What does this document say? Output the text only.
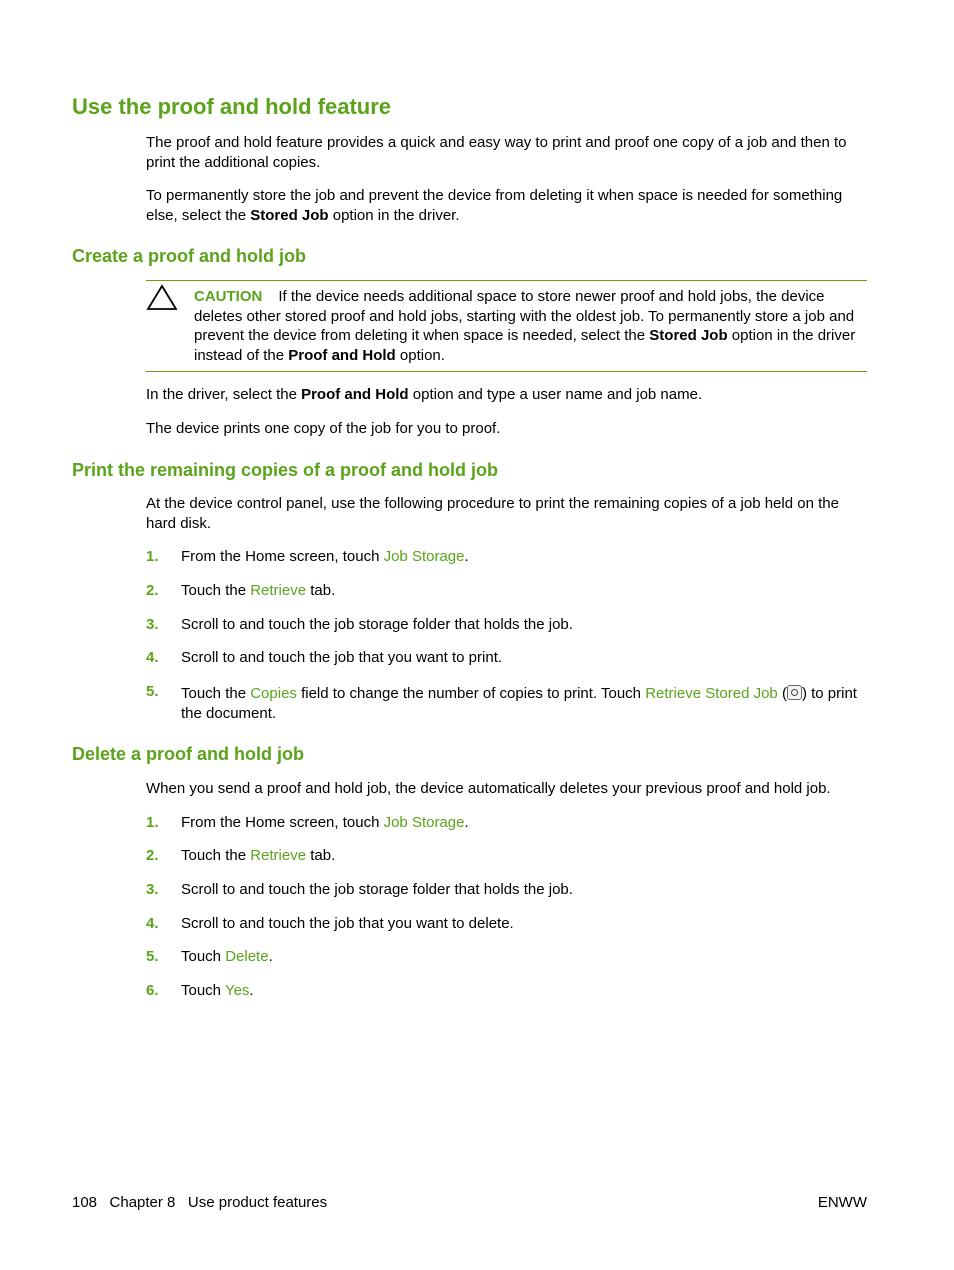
Use the proof and hold feature

The proof and hold feature provides a quick and easy way to print and proof one copy of a job and then to print the additional copies.

To permanently store the job and prevent the device from deleting it when space is needed for something else, select the Stored Job option in the driver.

Create a proof and hold job

CAUTION If the device needs additional space to store newer proof and hold jobs, the device deletes other stored proof and hold jobs, starting with the oldest job. To permanently store a job and prevent the device from deleting it when space is needed, select the Stored Job option in the driver instead of the Proof and Hold option.

In the driver, select the Proof and Hold option and type a user name and job name.

The device prints one copy of the job for you to proof.

Print the remaining copies of a proof and hold job

At the device control panel, use the following procedure to print the remaining copies of a job held on the hard disk.

1. From the Home screen, touch Job Storage.
2. Touch the Retrieve tab.
3. Scroll to and touch the job storage folder that holds the job.
4. Scroll to and touch the job that you want to print.
5. Touch the Copies field to change the number of copies to print. Touch Retrieve Stored Job ( ) to print the document.
Delete a proof and hold job

When you send a proof and hold job, the device automatically deletes your previous proof and hold job.

1. From the Home screen, touch Job Storage.
2. Touch the Retrieve tab.
3. Scroll to and touch the job storage folder that holds the job.
4. Scroll to and touch the job that you want to delete.
5. Touch Delete.
6. Touch Yes.
108   Chapter 8   Use product features	ENWW
